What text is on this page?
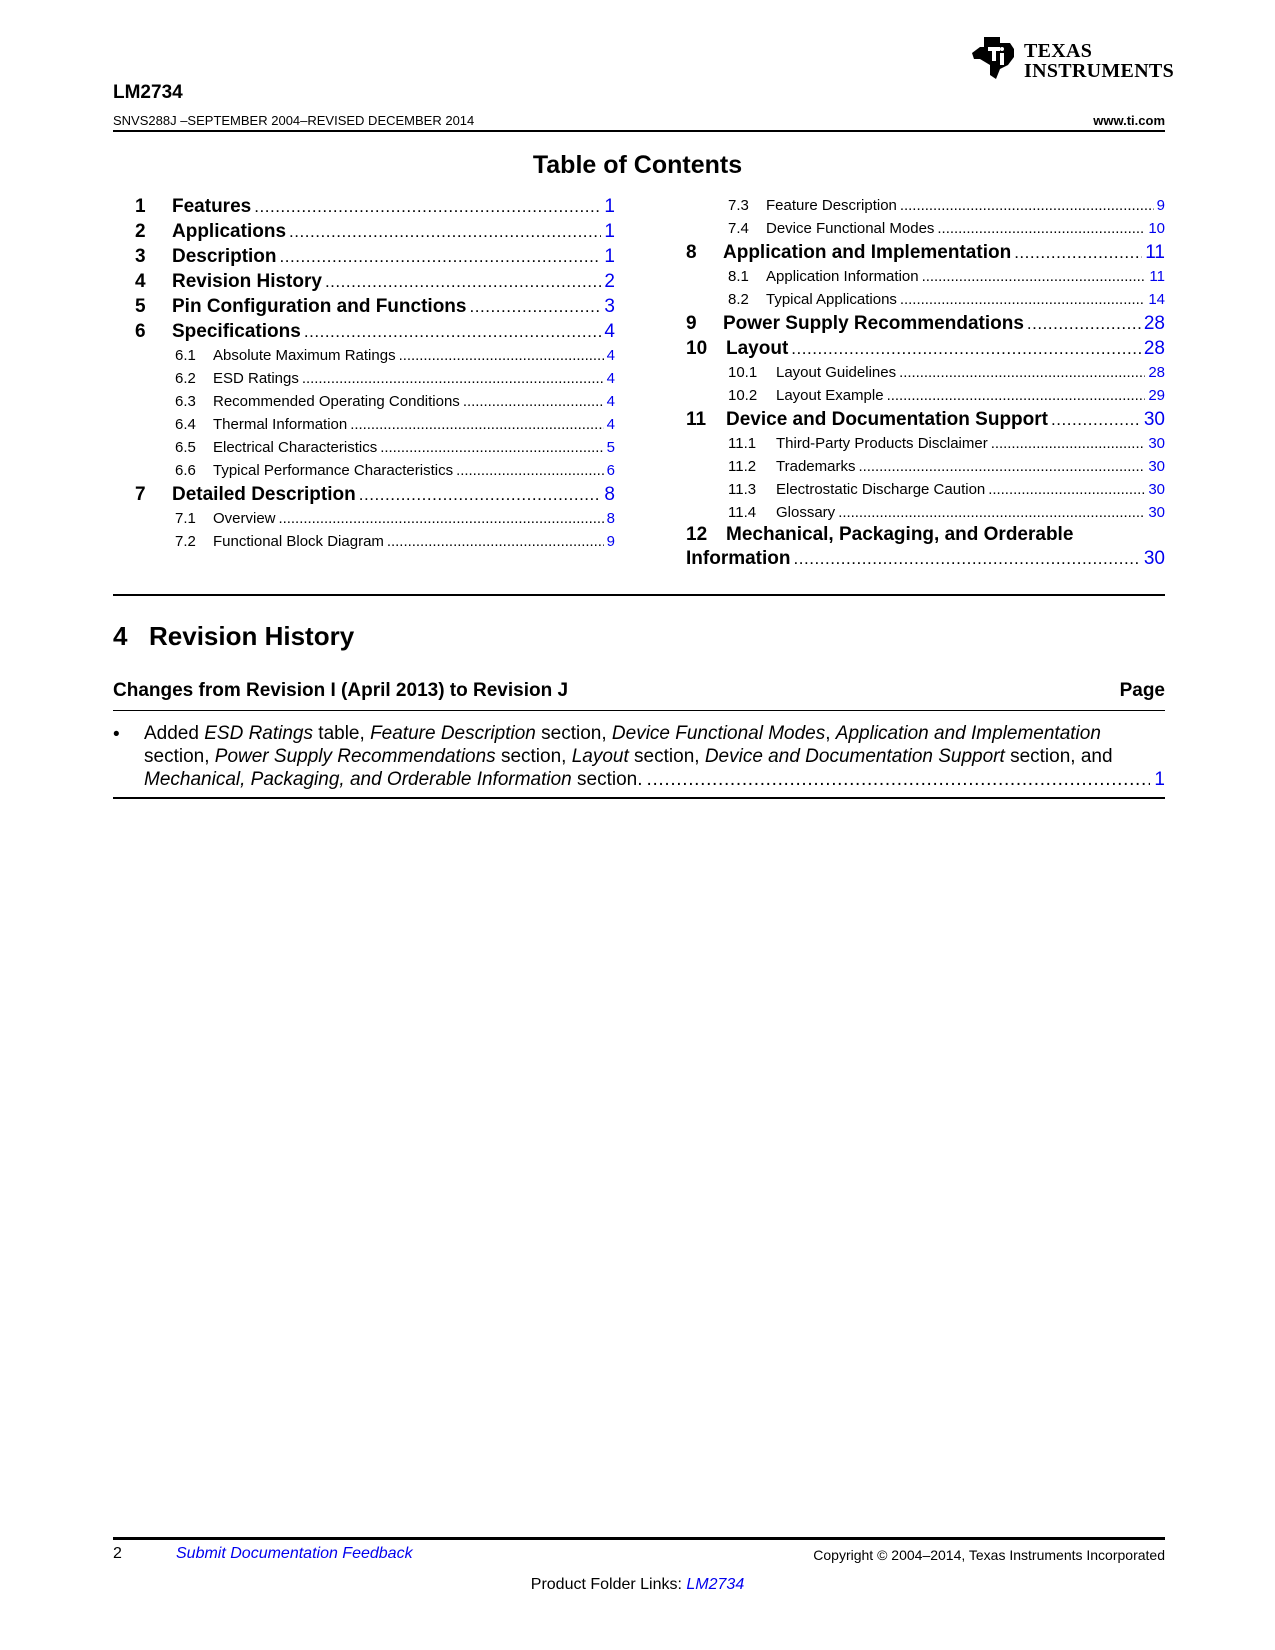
TEXAS
INSTRUMENTS
LM2734
SNVS288J –SEPTEMBER 2004–REVISED DECEMBER 2014	www.ti.com
Table of Contents
1	Features . . .	1
2	Applications . . .	1
3	Description . . .	1
4	Revision History . . .	2
5	Pin Configuration and Functions . . .	3
6	Specifications . . .	4
6.1	Absolute Maximum Ratings . . .	4
6.2	ESD Ratings . . .	4
6.3	Recommended Operating Conditions . . .	4
6.4	Thermal Information . . .	4
6.5	Electrical Characteristics . . .	5
6.6	Typical Performance Characteristics . . .	6
7	Detailed Description . . .	8
7.1	Overview . . .	8
7.2	Functional Block Diagram . . .	9
7.3	Feature Description . . .	9
7.4	Device Functional Modes . . .	10
8	Application and Implementation . . .	11
8.1	Application Information . . .	11
8.2	Typical Applications . . .	14
9	Power Supply Recommendations . . .	28
10 Layout . . .	28
10.1	Layout Guidelines . . .	28
10.2	Layout Example . . .	29
11	Device and Documentation Support . . .	30
11.1	Third-Party Products Disclaimer . . .	30
11.2	Trademarks . . .	30
11.3	Electrostatic Discharge Caution . . .	30
11.4	Glossary . . .	30
12 Mechanical, Packaging, and Orderable
Information . . .	30
4 Revision History
Changes from Revision I (April 2013) to Revision J	Page
• Added ESD Ratings table, Feature Description section, Device Functional Modes, Application and Implementation
section, Power Supply Recommendations section, Layout section, Device and Documentation Support section, and
Mechanical, Packaging, and Orderable Information section. . . .	1
2	Submit Documentation Feedback	Copyright © 2004–2014, Texas Instruments Incorporated
Product Folder Links: LM2734
